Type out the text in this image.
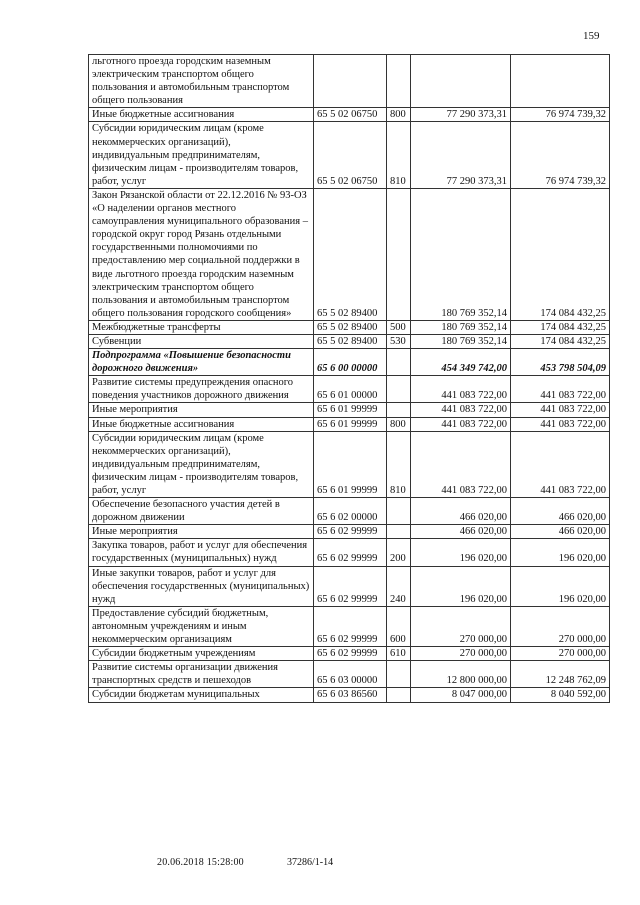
159
льготного проезда городским наземным электрическим транспортом общего пользования и автомобильным транспортом общего пользования				
Иные бюджетные ассигнования	65 5 02 06750	800	77 290 373,31	76 974 739,32
Субсидии юридическим лицам (кроме некоммерческих организаций), индивидуальным предпринимателям, физическим лицам - производителям товаров, работ, услуг	65 5 02 06750	810	77 290 373,31	76 974 739,32
Закон Рязанской области от 22.12.2016 № 93-ОЗ «О наделении органов местного самоуправления муниципального образования – городской округ город Рязань отдельными государственными полномочиями по предоставлению мер социальной поддержки в виде льготного проезда городским наземным электрическим транспортом общего пользования и автомобильным транспортом общего пользования городского сообщения»	65 5 02 89400		180 769 352,14	174 084 432,25
Межбюджетные трансферты	65 5 02 89400	500	180 769 352,14	174 084 432,25
Субвенции	65 5 02 89400	530	180 769 352,14	174 084 432,25
Подпрограмма «Повышение безопасности дорожного движения»	65 6 00 00000		454 349 742,00	453 798 504,09
Развитие системы предупреждения опасного поведения участников дорожного движения	65 6 01 00000		441 083 722,00	441 083 722,00
Иные мероприятия	65 6 01 99999		441 083 722,00	441 083 722,00
Иные бюджетные ассигнования	65 6 01 99999	800	441 083 722,00	441 083 722,00
Субсидии юридическим лицам (кроме некоммерческих организаций), индивидуальным предпринимателям, физическим лицам - производителям товаров, работ, услуг	65 6 01 99999	810	441 083 722,00	441 083 722,00
Обеспечение безопасного участия детей в дорожном движении	65 6 02 00000		466 020,00	466 020,00
Иные мероприятия	65 6 02 99999		466 020,00	466 020,00
Закупка товаров, работ и услуг для обеспечения государственных (муниципальных) нужд	65 6 02 99999	200	196 020,00	196 020,00
Иные закупки товаров, работ и услуг для обеспечения государственных (муниципальных) нужд	65 6 02 99999	240	196 020,00	196 020,00
Предоставление субсидий бюджетным, автономным учреждениям и иным некоммерческим организациям	65 6 02 99999	600	270 000,00	270 000,00
Субсидии бюджетным учреждениям	65 6 02 99999	610	270 000,00	270 000,00
Развитие системы организации движения транспортных средств и пешеходов	65 6 03 00000		12 800 000,00	12 248 762,09
Субсидии бюджетам муниципальных	65 6 03 86560		8 047 000,00	8 040 592,00
20.06.2018 15:28:00	37286/1-14
